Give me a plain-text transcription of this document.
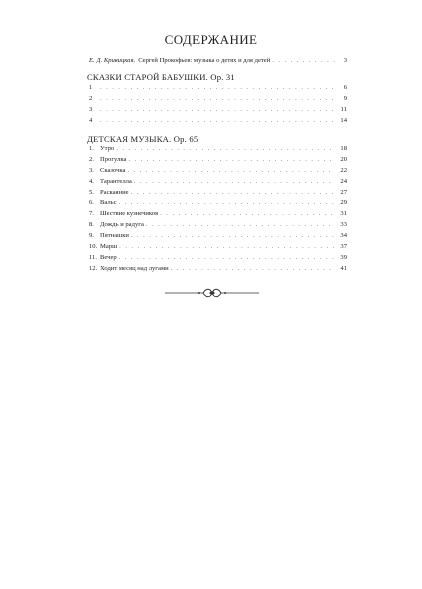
СОДЕРЖАНИЕ
Е. Д. Кривицкая. Сергей Прокофьев: музыка о детях и для детей . . .	3
СКАЗКИ СТАРОЙ БАБУШКИ. Ор. 31
1 . . .	6
2 . . .	9
3 . . .	11
4 . . .	14
ДЕТСКАЯ МУЗЫКА. Ор. 65
1. Утро . . .	18
2. Прогулка . . .	20
3. Сказочка . . .	22
4. Тарантелла . . .	24
5. Раскаяние . . .	27
6. Вальс . . .	29
7. Шествие кузнечиков . . .	31
8. Дождь и радуга . . .	33
9. Пятнашки . . .	34
10. Марш . . .	37
11. Вечер . . .	39
12. Ходит месяц над лугами . . .	41
